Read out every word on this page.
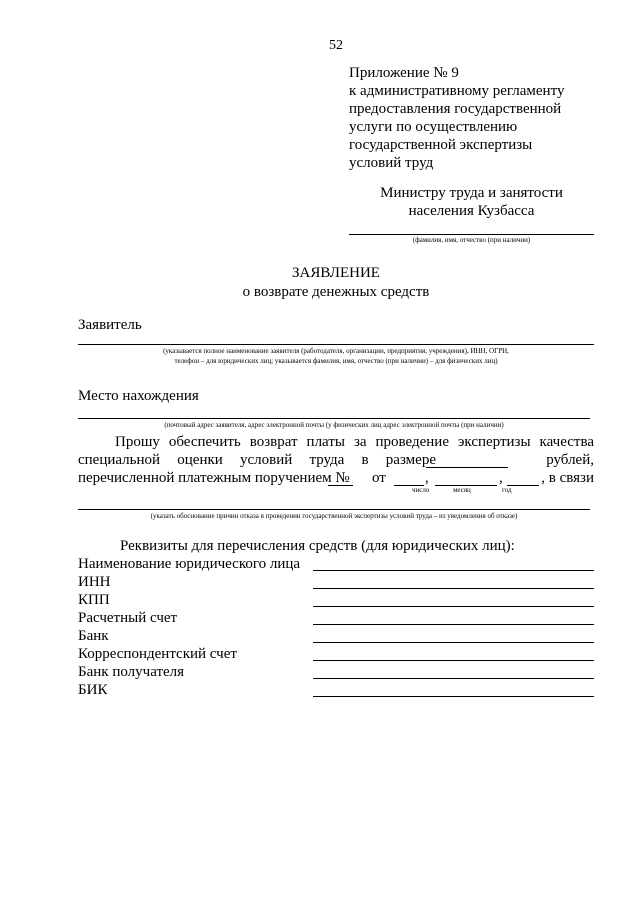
52
Приложение № 9
к административному регламенту
предоставления государственной
услуги по осуществлению
государственной экспертизы
условий труд
Министру труда и занятости
населения Кузбасса
(фамилия, имя, отчество (при наличии)
ЗАЯВЛЕНИЕ
о возврате денежных средств
Заявитель
(указывается полное наименование заявителя (работодателя, организации, предприятия, учреждения), ИНН, ОГРН,
телефон – для юридических лиц; указывается фамилия, имя, отчество (при наличии) – для физических лиц)
Место нахождения
(почтовый адрес заявителя, адрес электронной почты (у физических лиц адрес электронной почты (при наличии)
Прошу обеспечить возврат платы за проведение экспертизы качества
специальной оценки условий труда в размере	рублей,
перечисленной платежным поручением № от	,	,	, в связи
число	месяц	год
(указать обоснование причин отказа в проведении государственной экспертизы условий труда – из уведомления об отказе)
Реквизиты для перечисления средств (для юридических лиц):
Наименование юридического лица
ИНН
КПП
Расчетный счет
Банк
Корреспондентский счет
Банк получателя
БИК
